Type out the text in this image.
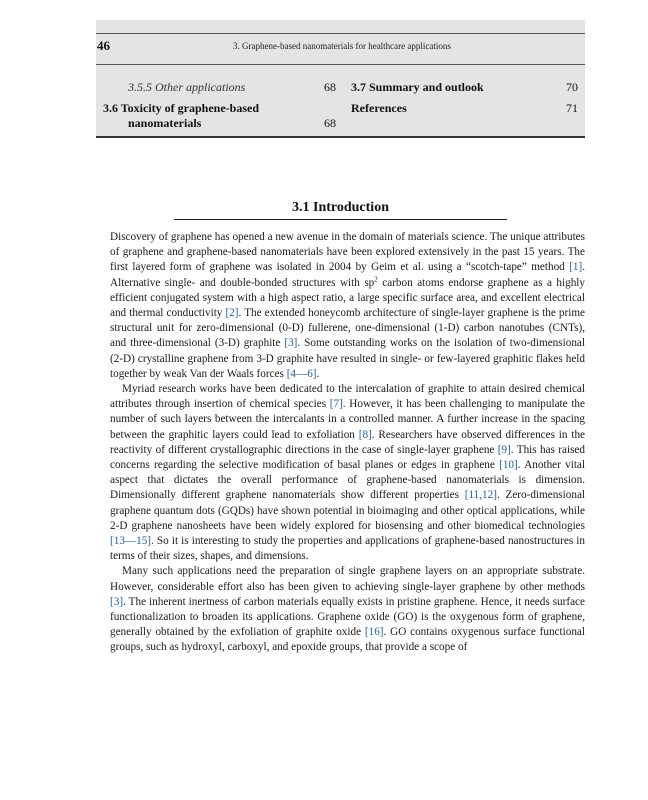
46	3. Graphene-based nanomaterials for healthcare applications
3.5.5 Other applications	68
3.6 Toxicity of graphene-based
nanomaterials	68
3.7 Summary and outlook	70
References	71
3.1 Introduction

Discovery of graphene has opened a new avenue in the domain of materials science. The unique attributes of graphene and graphene-based nanomaterials have been explored extensively in the past 15 years. The first layered form of graphene was isolated in 2004 by Geim et al. using a “scotch-tape” method [1]. Alternative single- and double-bonded structures with $sp^2$ carbon atoms endorse graphene as a highly efficient conjugated system with a high aspect ratio, a large specific surface area, and excellent electrical and thermal conductivity [2]. The extended honeycomb architecture of single-layer graphene is the prime structural unit for zero-dimensional (0-D) fullerene, one-dimensional (1-D) carbon nanotubes (CNTs), and three-dimensional (3-D) graphite [3]. Some outstanding works on the isolation of two-dimensional (2-D) crystalline graphene from 3-D graphite have resulted in single- or few-layered graphitic flakes held together by weak Van der Waals forces [4—6].

Myriad research works have been dedicated to the intercalation of graphite to attain desired chemical attributes through insertion of chemical species [7]. However, it has been challenging to manipulate the number of such layers between the intercalants in a controlled manner. A further increase in the spacing between the graphitic layers could lead to exfoliation [8]. Researchers have observed differences in the reactivity of different crystallographic directions in the case of single-layer graphene [9]. This has raised concerns regarding the selective modification of basal planes or edges in graphene [10]. Another vital aspect that dictates the overall performance of graphene-based nanomaterials is dimension. Dimensionally different graphene nanomaterials show different properties [11,12]. Zero-dimensional graphene quantum dots (GQDs) have shown potential in bioimaging and other optical applications, while 2-D graphene nanosheets have been widely explored for biosensing and other biomedical technologies [13—15]. So it is interesting to study the properties and applications of graphene-based nanostructures in terms of their sizes, shapes, and dimensions.

Many such applications need the preparation of single graphene layers on an appropriate substrate. However, considerable effort also has been given to achieving single-layer graphene by other methods [3]. The inherent inertness of carbon materials equally exists in pristine graphene. Hence, it needs surface functionalization to broaden its applications. Graphene oxide (GO) is the oxygenous form of graphene, generally obtained by the exfoliation of graphite oxide [16]. GO contains oxygenous surface functional groups, such as hydroxyl, carboxyl, and epoxide groups, that provide a scope of
